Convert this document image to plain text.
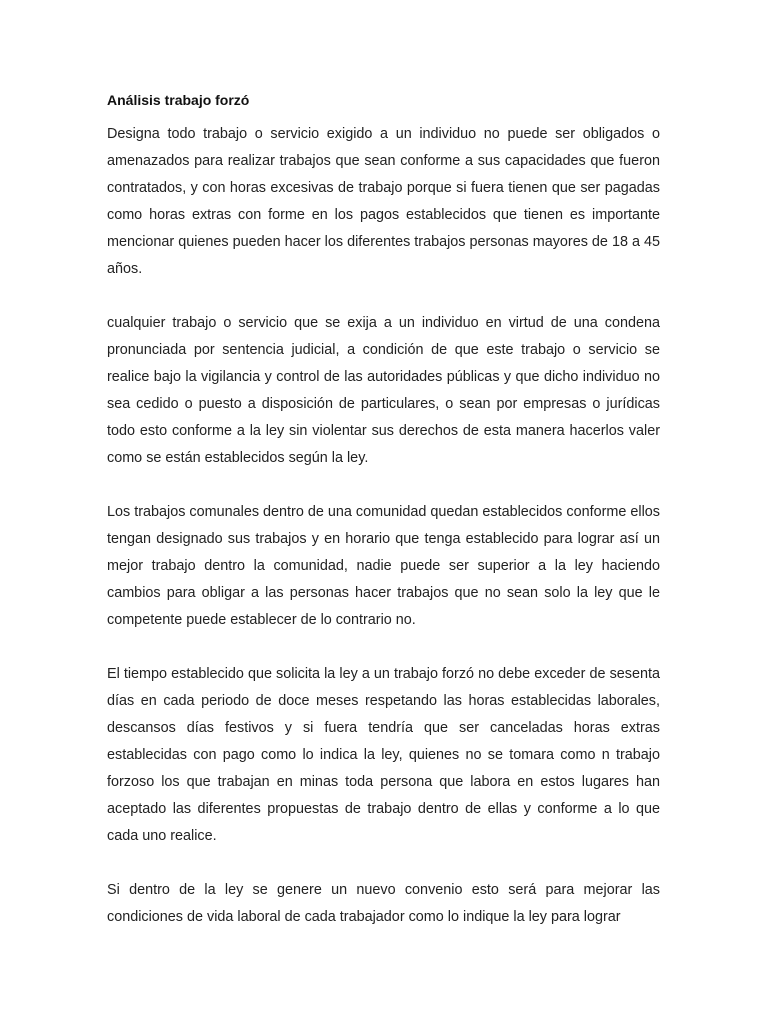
Análisis trabajo forzó

Designa todo trabajo o servicio exigido a un individuo no puede ser obligados o amenazados para realizar trabajos que sean conforme a sus capacidades que fueron contratados, y con horas excesivas de trabajo porque si fuera tienen que ser pagadas como horas extras con forme en los pagos establecidos que tienen es importante mencionar quienes pueden hacer los diferentes trabajos personas mayores de 18 a 45 años.

cualquier trabajo o servicio que se exija a un individuo en virtud de una condena pronunciada por sentencia judicial, a condición de que este trabajo o servicio se realice bajo la vigilancia y control de las autoridades públicas y que dicho individuo no sea cedido o puesto a disposición de particulares, o sean por empresas o jurídicas todo esto conforme a la ley sin violentar sus derechos de esta manera hacerlos valer como se están establecidos según la ley.

Los trabajos comunales dentro de una comunidad quedan establecidos conforme ellos tengan designado sus trabajos y en horario que tenga establecido para lograr así un mejor trabajo dentro la comunidad, nadie puede ser superior a la ley haciendo cambios para obligar a las personas hacer trabajos que no sean solo la ley que le competente puede establecer de lo contrario no.

El tiempo establecido que solicita la ley a un trabajo forzó no debe exceder de sesenta días en cada periodo de doce meses respetando las horas establecidas laborales, descansos días festivos y si fuera tendría que ser canceladas horas extras establecidas con pago como lo indica la ley, quienes no se tomara como n trabajo forzoso los que trabajan en minas toda persona que labora en estos lugares han aceptado las diferentes propuestas de trabajo dentro de ellas y conforme a lo que cada uno realice.

Si dentro de la ley se genere un nuevo convenio esto será para mejorar las condiciones de vida laboral de cada trabajador como lo indique la ley para lograr
